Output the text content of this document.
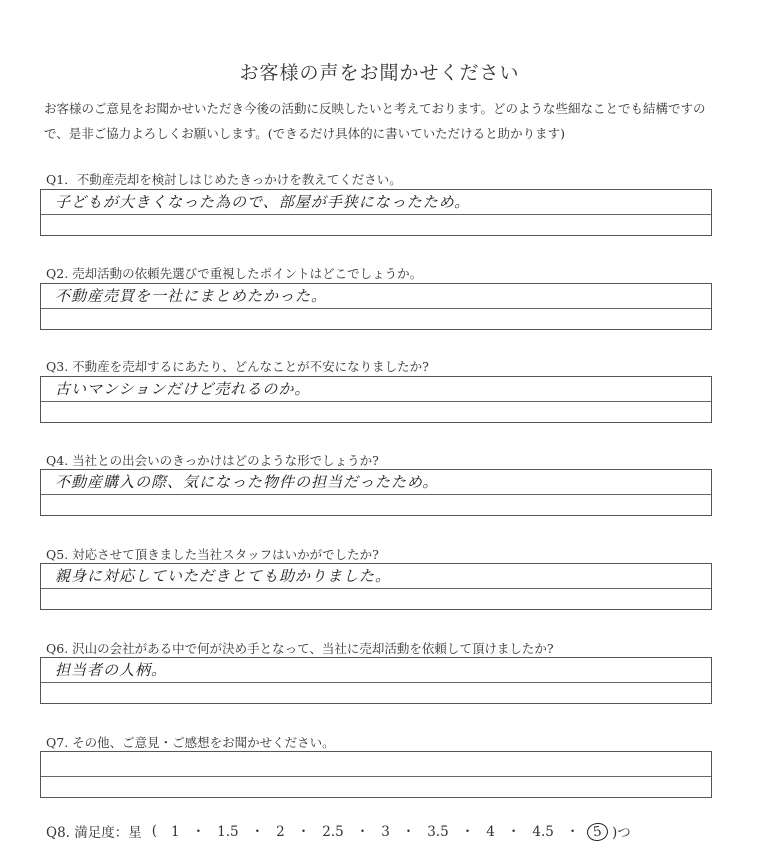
お客様の声をお聞かせください
お客様のご意見をお聞かせいただき今後の活動に反映したいと考えております。どのような些細なことでも結構ですので、是非ご協力よろしくお願いします。(できるだけ具体的に書いていただけると助かります)
Q1．不動産売却を検討しはじめたきっかけを教えてください。
子どもが大きくなった為ので、部屋が手狭になったため。
Q2. 売却活動の依頼先選びで重視したポイントはどこでしょうか。
不動産売買を一社にまとめたかった。
Q3. 不動産を売却するにあたり、どんなことが不安になりましたか?
古いマンションだけど売れるのか。
Q4. 当社との出会いのきっかけはどのような形でしょうか?
不動産購入の際、気になった物件の担当だったため。
Q5. 対応させて頂きました当社スタッフはいかがでしたか?
親身に対応していただきとても助かりました。
Q6. 沢山の会社がある中で何が決め手となって、当社に売却活動を依頼して頂けましたか?
担当者の人柄。
Q7. その他、ご意見・ご感想をお聞かせください。
Q8. 満足度：星 (	1 ・ 1.5 ・ 2 ・ 2.5 ・ 3 ・ 3.5 ・ 4 ・ 4.5 ・ 5 )つ
